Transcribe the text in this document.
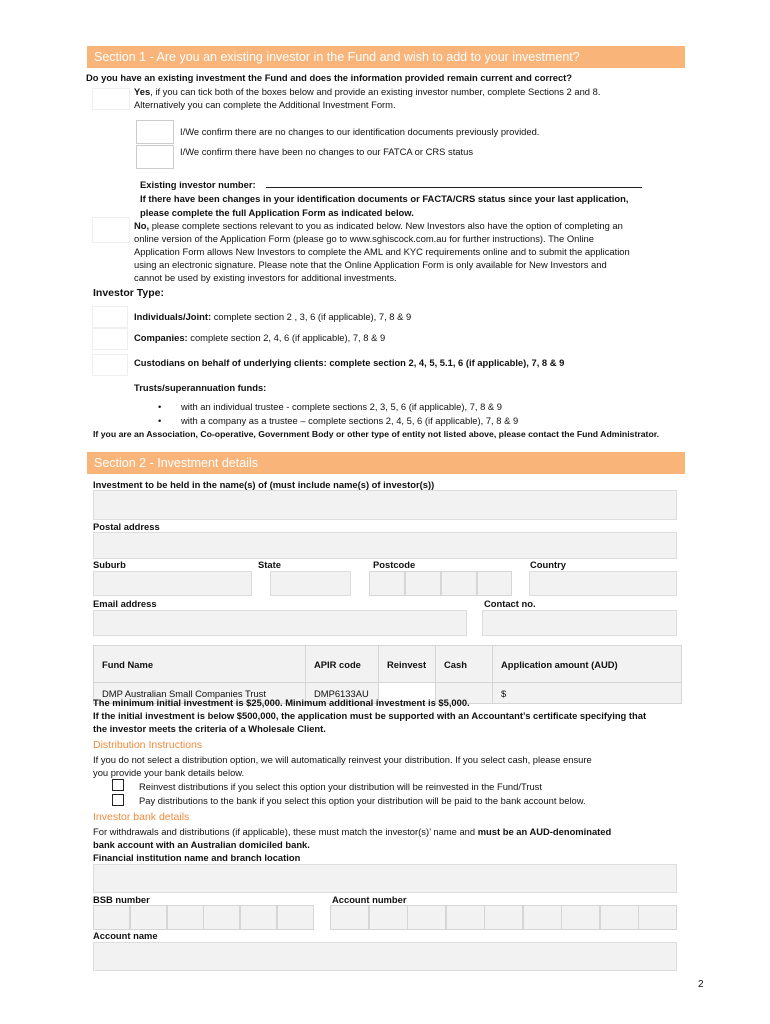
Section 1 - Are you an existing investor in the Fund and wish to add to your investment?
Do you have an existing investment the Fund and does the information provided remain current and correct?
Yes, if you can tick both of the boxes below and provide an existing investor number, complete Sections 2 and 8.
Alternatively you can complete the Additional Investment Form.
I/We confirm there are no changes to our identification documents previously provided.
I/We confirm there have been no changes to our FATCA or CRS status
Existing investor number:
If there have been changes in your identification documents or FACTA/CRS status since your last application,
please complete the full Application Form as indicated below.
No, please complete sections relevant to you as indicated below. New Investors also have the option of completing an
online version of the Application Form (please go to www.sghiscock.com.au for further instructions). The Online
Application Form allows New Investors to complete the AML and KYC requirements online and to submit the application
using an electronic signature. Please note that the Online Application Form is only available for New Investors and
cannot be used by existing investors for additional investments.
Investor Type:
Individuals/Joint: complete section 2 , 3, 6 (if applicable), 7, 8 & 9
Companies: complete section 2, 4, 6 (if applicable), 7, 8 & 9
Custodians on behalf of underlying clients: complete section 2, 4, 5, 5.1, 6 (if applicable), 7, 8 & 9
Trusts/superannuation funds:
• with an individual trustee - complete sections 2, 3, 5, 6 (if applicable), 7, 8 & 9
• with a company as a trustee – complete sections 2, 4, 5, 6 (if applicable), 7, 8 & 9
If you are an Association, Co-operative, Government Body or other type of entity not listed above, please contact the Fund Administrator.
Section 2 - Investment details
Investment to be held in the name(s) of (must include name(s) of investor(s))
Postal address
Suburb	State	Postcode	Country
Email address	Contact no.
Fund Name	APIR code	Reinvest	Cash	Application amount (AUD)
DMP Australian Small Companies Trust	DMP6133AU			$
The minimum initial investment is $25,000. Minimum additional investment is $5,000.
If the initial investment is below $500,000, the application must be supported with an Accountant’s certificate specifying that
the investor meets the criteria of a Wholesale Client.
Distribution Instructions
If you do not select a distribution option, we will automatically reinvest your distribution. If you select cash, please ensure
you provide your bank details below.
Reinvest distributions if you select this option your distribution will be reinvested in the Fund/Trust
Pay distributions to the bank if you select this option your distribution will be paid to the bank account below.
Investor bank details
For withdrawals and distributions (if applicable), these must match the investor(s)’ name and must be an AUD-denominated
bank account with an Australian domiciled bank.
Financial institution name and branch location
BSB number	Account number
Account name
2
